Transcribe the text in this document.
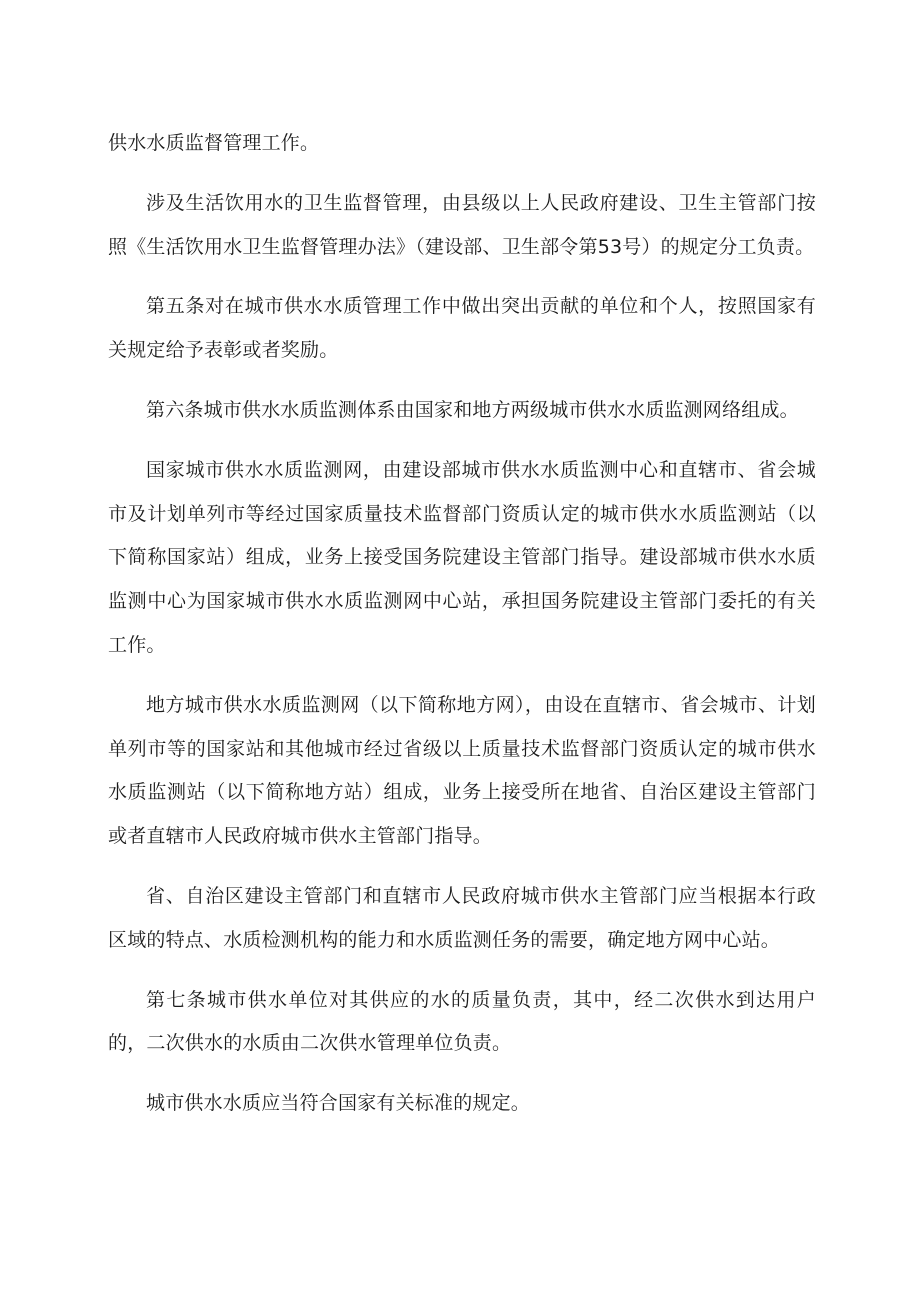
供水水质监督管理工作。

涉及生活饮用水的卫生监督管理，由县级以上人民政府建设、卫生主管部门按照《生活饮用水卫生监督管理办法》（建设部、卫生部令第53号）的规定分工负责。

第五条对在城市供水水质管理工作中做出突出贡献的单位和个人，按照国家有关规定给予表彰或者奖励。

第六条城市供水水质监测体系由国家和地方两级城市供水水质监测网络组成。

国家城市供水水质监测网，由建设部城市供水水质监测中心和直辖市、省会城市及计划单列市等经过国家质量技术监督部门资质认定的城市供水水质监测站（以下简称国家站）组成，业务上接受国务院建设主管部门指导。建设部城市供水水质监测中心为国家城市供水水质监测网中心站，承担国务院建设主管部门委托的有关工作。

地方城市供水水质监测网（以下简称地方网），由设在直辖市、省会城市、计划单列市等的国家站和其他城市经过省级以上质量技术监督部门资质认定的城市供水水质监测站（以下简称地方站）组成，业务上接受所在地省、自治区建设主管部门或者直辖市人民政府城市供水主管部门指导。

省、自治区建设主管部门和直辖市人民政府城市供水主管部门应当根据本行政区域的特点、水质检测机构的能力和水质监测任务的需要，确定地方网中心站。

第七条城市供水单位对其供应的水的质量负责，其中，经二次供水到达用户的，二次供水的水质由二次供水管理单位负责。

城市供水水质应当符合国家有关标准的规定。
